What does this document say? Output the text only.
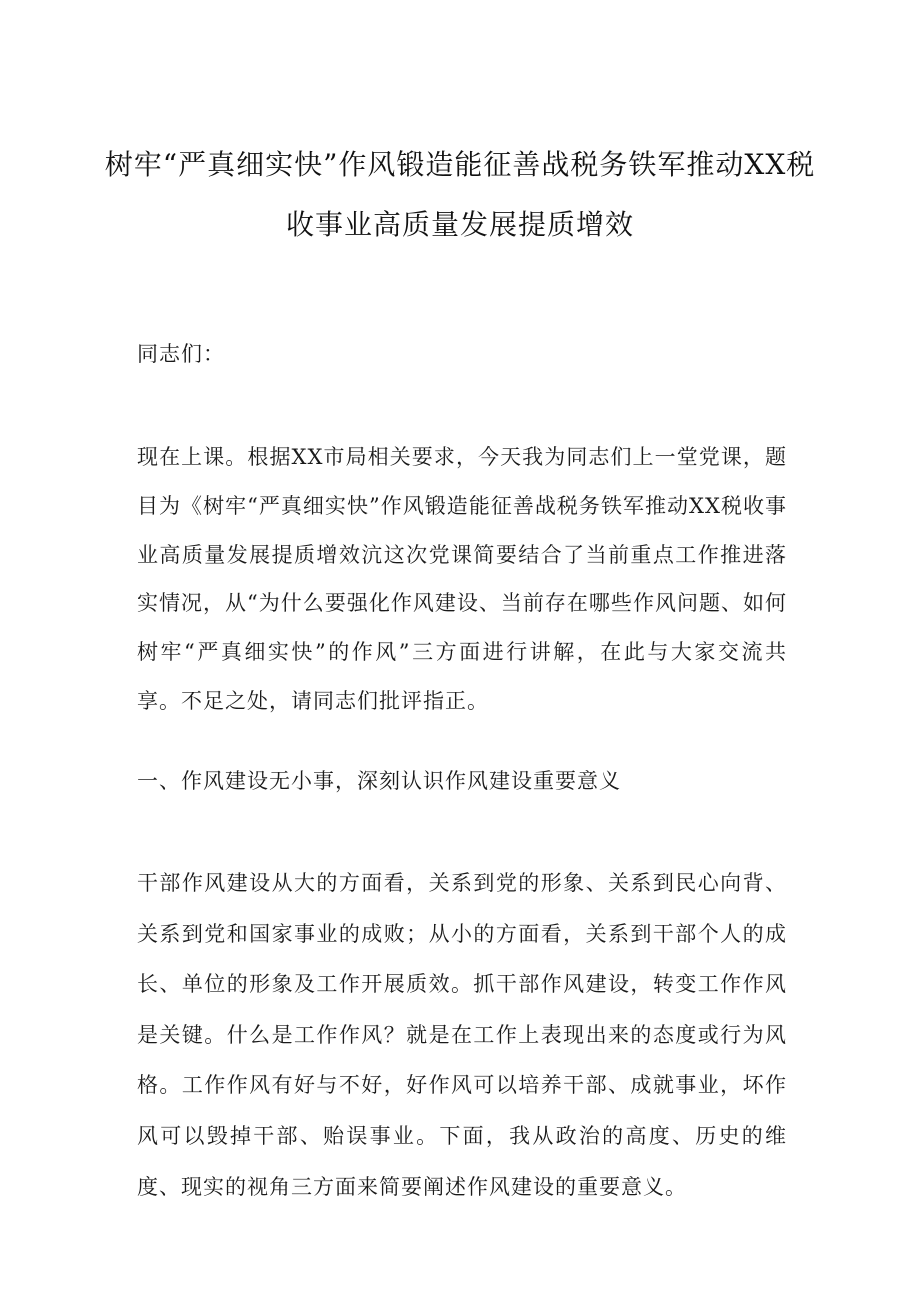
树牢“严真细实快”作风锻造能征善战税务铁军推动XX税
收事业高质量发展提质增效
同志们：
现在上课。根据XX市局相关要求，今天我为同志们上一堂党课，题目为《树牢“严真细实快”作风锻造能征善战税务铁军推动XX税收事业高质量发展提质增效沆这次党课简要结合了当前重点工作推进落实情况，从“为什么要强化作风建设、当前存在哪些作风问题、如何树牢“严真细实快”的作风”三方面进行讲解，在此与大家交流共享。不足之处，请同志们批评指正。
一、作风建设无小事，深刻认识作风建设重要意义
干部作风建设从大的方面看，关系到党的形象、关系到民心向背、关系到党和国家事业的成败；从小的方面看，关系到干部个人的成长、单位的形象及工作开展质效。抓干部作风建设，转变工作作风是关键。什么是工作作风？就是在工作上表现出来的态度或行为风格。工作作风有好与不好，好作风可以培养干部、成就事业，坏作风可以毁掉干部、贻误事业。下面，我从政治的高度、历史的维度、现实的视角三方面来简要阐述作风建设的重要意义。
